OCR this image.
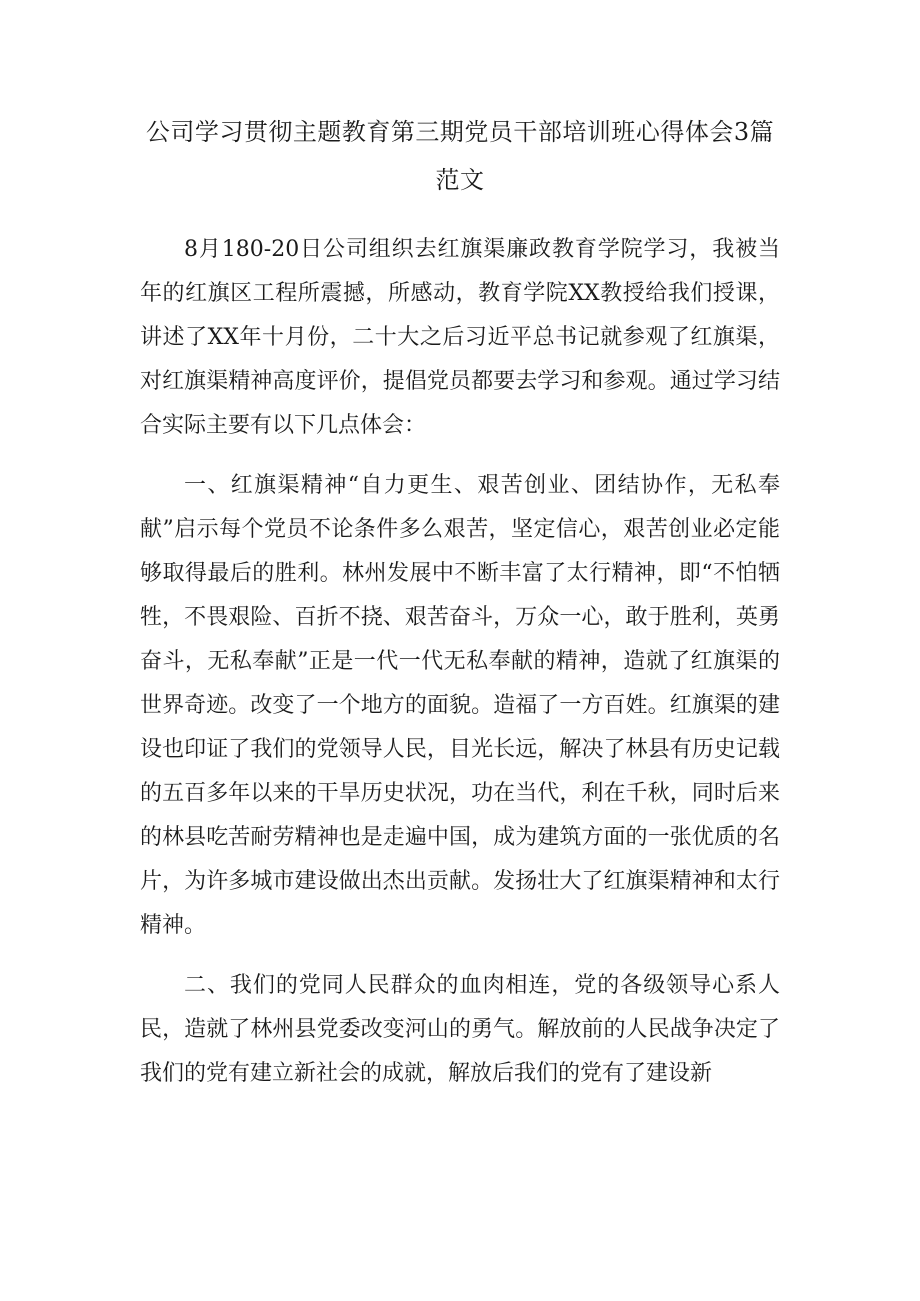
公司学习贯彻主题教育第三期党员干部培训班心得体会3篇范文

8月180-20日公司组织去红旗渠廉政教育学院学习，我被当年的红旗区工程所震撼，所感动，教育学院XX教授给我们授课，讲述了XX年十月份，二十大之后习近平总书记就参观了红旗渠，对红旗渠精神高度评价，提倡党员都要去学习和参观。通过学习结合实际主要有以下几点体会：

一、红旗渠精神“自力更生、艰苦创业、团结协作，无私奉献”启示每个党员不论条件多么艰苦，坚定信心，艰苦创业必定能够取得最后的胜利。林州发展中不断丰富了太行精神，即“不怕牺牲，不畏艰险、百折不挠、艰苦奋斗，万众一心，敢于胜利，英勇奋斗，无私奉献”正是一代一代无私奉献的精神，造就了红旗渠的世界奇迹。改变了一个地方的面貌。造福了一方百姓。红旗渠的建设也印证了我们的党领导人民，目光长远，解决了林县有历史记载的五百多年以来的干旱历史状况，功在当代，利在千秋，同时后来的林县吃苦耐劳精神也是走遍中国，成为建筑方面的一张优质的名片，为许多城市建设做出杰出贡献。发扬壮大了红旗渠精神和太行精神。

二、我们的党同人民群众的血肉相连，党的各级领导心系人民，造就了林州县党委改变河山的勇气。解放前的人民战争决定了我们的党有建立新社会的成就，解放后我们的党有了建设新
